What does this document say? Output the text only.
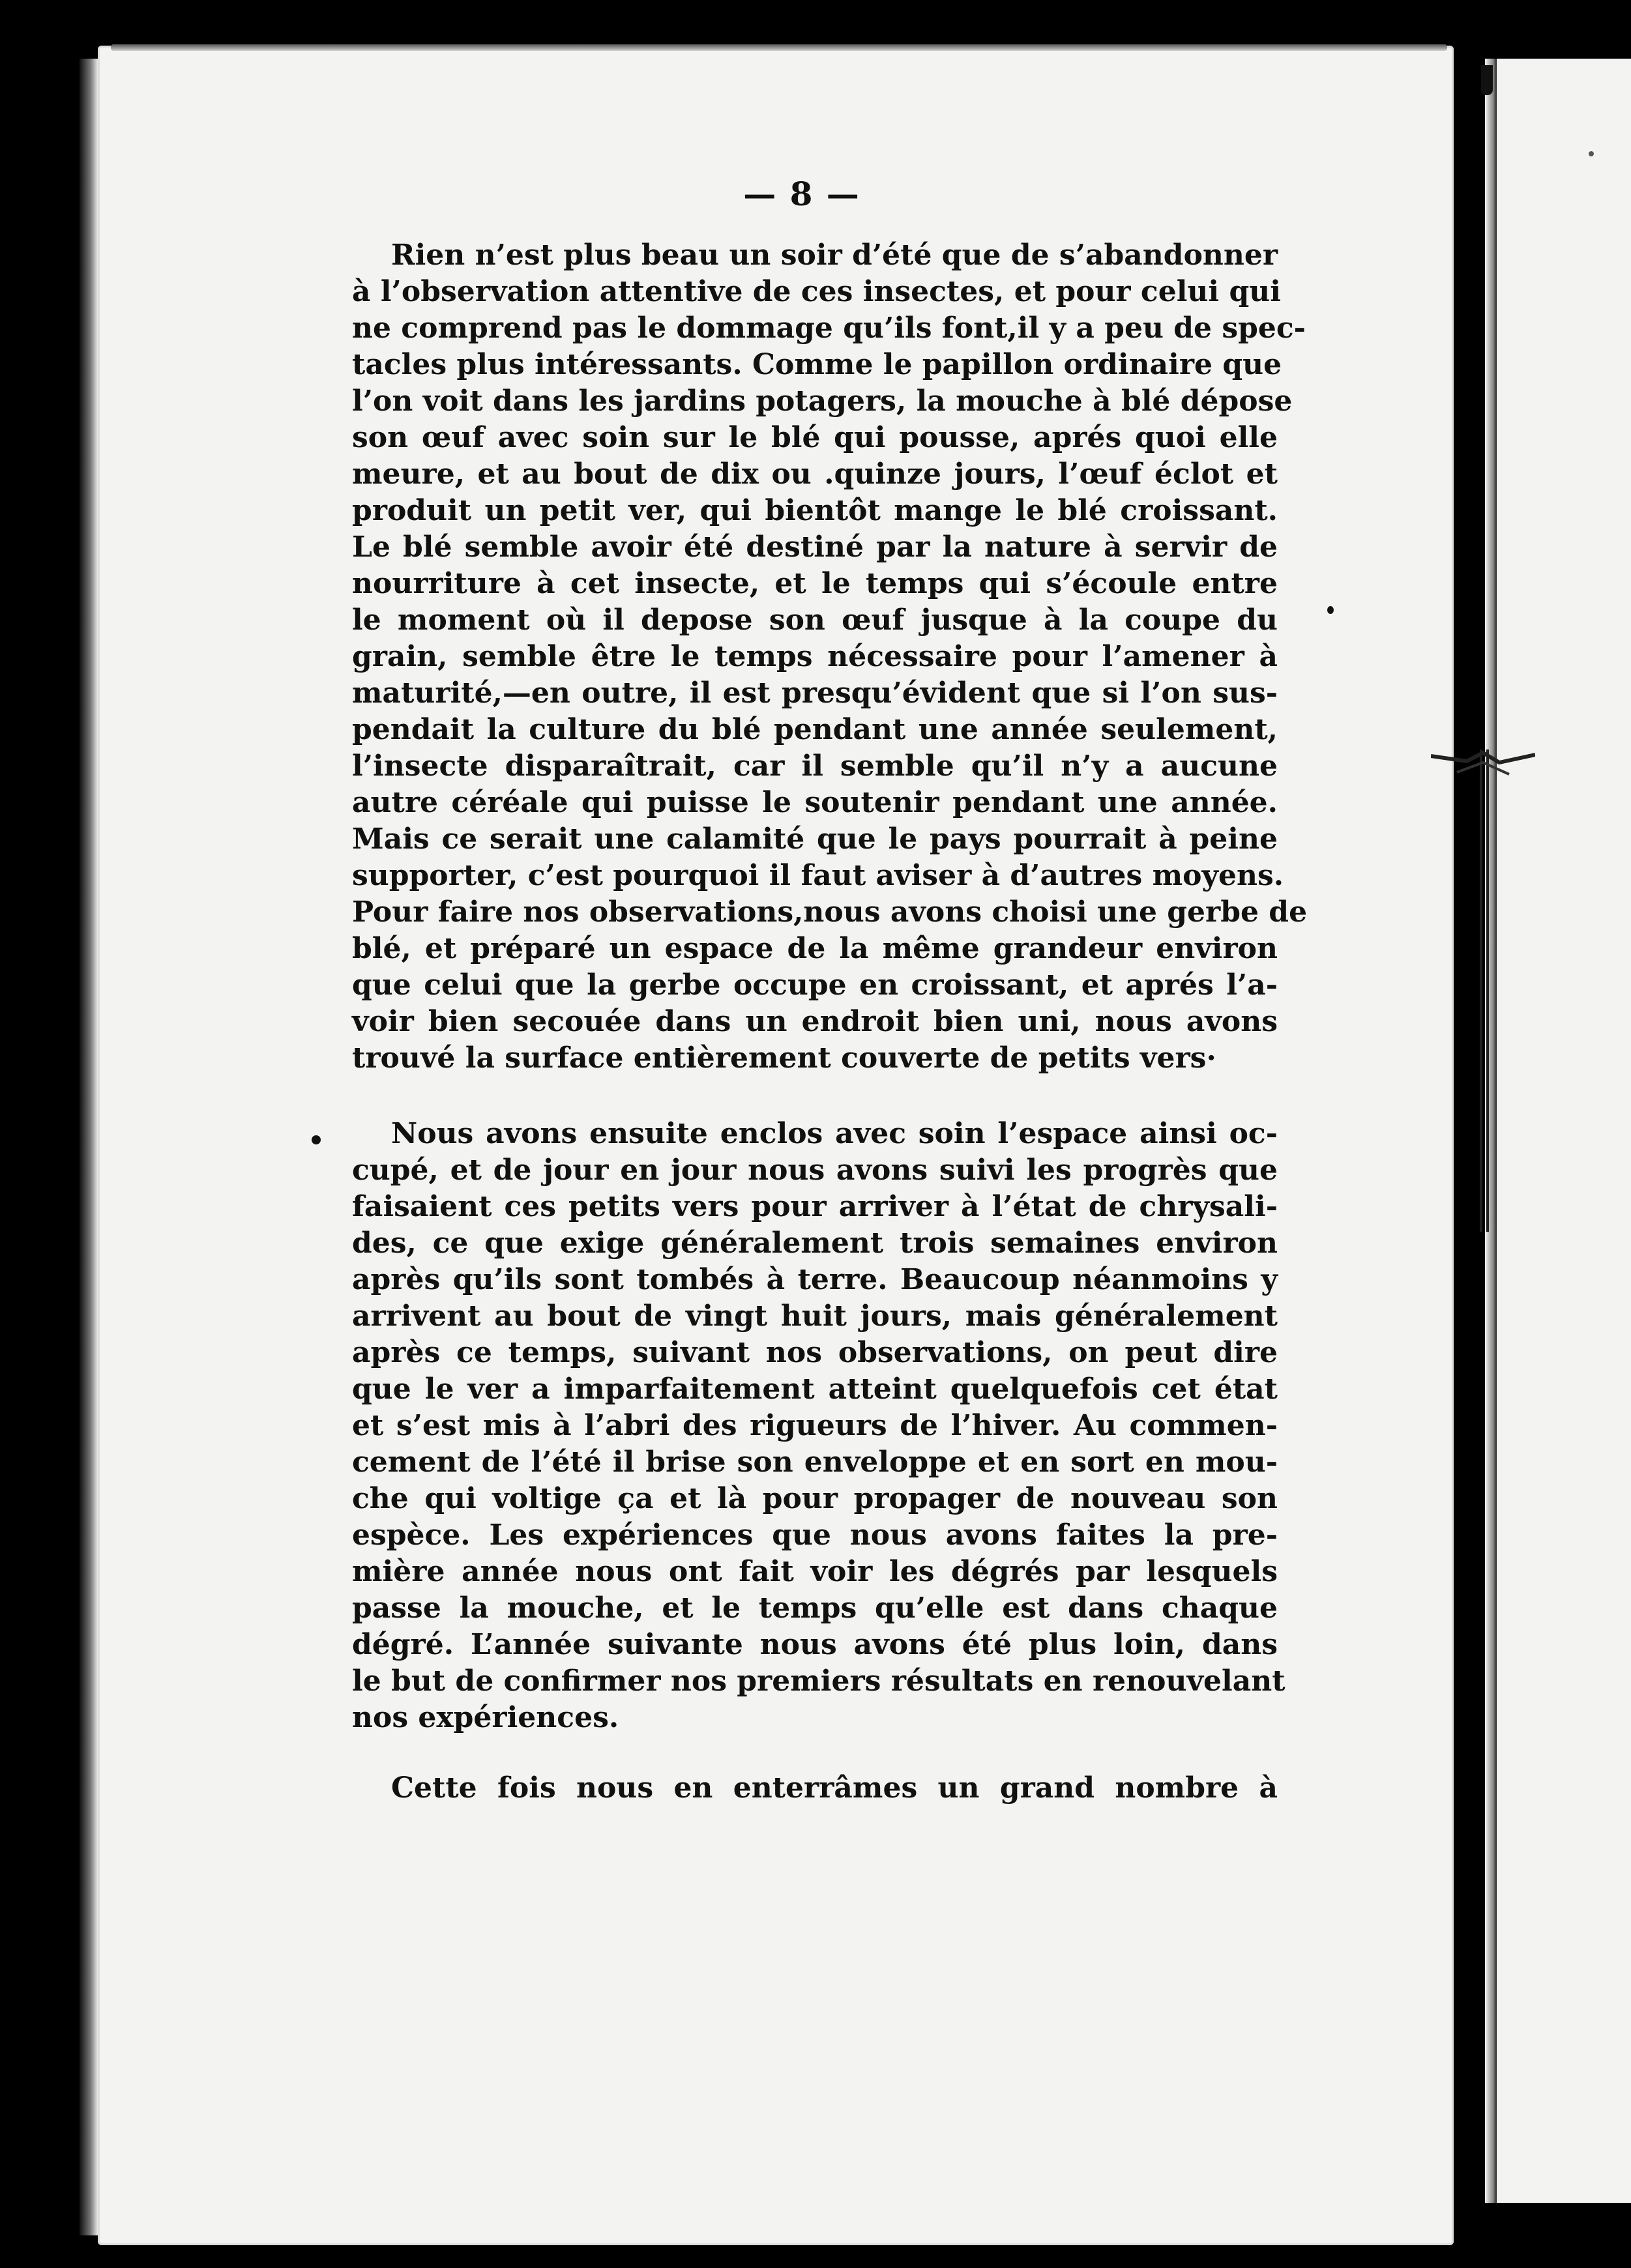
— 8 —
Rien n’est plus beau un soir d’été que de s’abandonner
à l’observation attentive de ces insectes, et pour celui qui
ne comprend pas le dommage qu’ils font,il y a peu de spec-
tacles plus intéressants. Comme le papillon ordinaire que
l’on voit dans les jardins potagers, la mouche à blé dépose
son œuf avec soin sur le blé qui pousse, aprés quoi elle
meure, et au bout de dix ou .quinze jours, l’œuf éclot et
produit un petit ver, qui bientôt mange le blé croissant.
Le blé semble avoir été destiné par la nature à servir de
nourriture à cet insecte, et le temps qui s’écoule entre
le moment où il depose son œuf jusque à la coupe du
grain, semble être le temps nécessaire pour l’amener à
maturité,—en outre, il est presqu’évident que si l’on sus-
pendait la culture du blé pendant une année seulement,
l’insecte disparaîtrait, car il semble qu’il n’y a aucune
autre céréale qui puisse le soutenir pendant une année.
Mais ce serait une calamité que le pays pourrait à peine
supporter, c’est pourquoi il faut aviser à d’autres moyens.
Pour faire nos observations,nous avons choisi une gerbe de
blé, et préparé un espace de la même grandeur environ
que celui que la gerbe occupe en croissant, et aprés l’a-
voir bien secouée dans un endroit bien uni, nous avons
trouvé la surface entièrement couverte de petits vers·
Nous avons ensuite enclos avec soin l’espace ainsi oc-
cupé, et de jour en jour nous avons suivi les progrès que
faisaient ces petits vers pour arriver à l’état de chrysali-
des, ce que exige généralement trois semaines environ
après qu’ils sont tombés à terre. Beaucoup néanmoins y
arrivent au bout de vingt huit jours, mais généralement
après ce temps, suivant nos observations, on peut dire
que le ver a imparfaitement atteint quelquefois cet état
et s’est mis à l’abri des rigueurs de l’hiver. Au commen-
cement de l’été il brise son enveloppe et en sort en mou-
che qui voltige ça et là pour propager de nouveau son
espèce. Les expériences que nous avons faites la pre-
mière année nous ont fait voir les dégrés par lesquels
passe la mouche, et le temps qu’elle est dans chaque
dégré. L’année suivante nous avons été plus loin, dans
le but de confirmer nos premiers résultats en renouvelant
nos expériences.
Cette fois nous en enterrâmes un grand nombre à
